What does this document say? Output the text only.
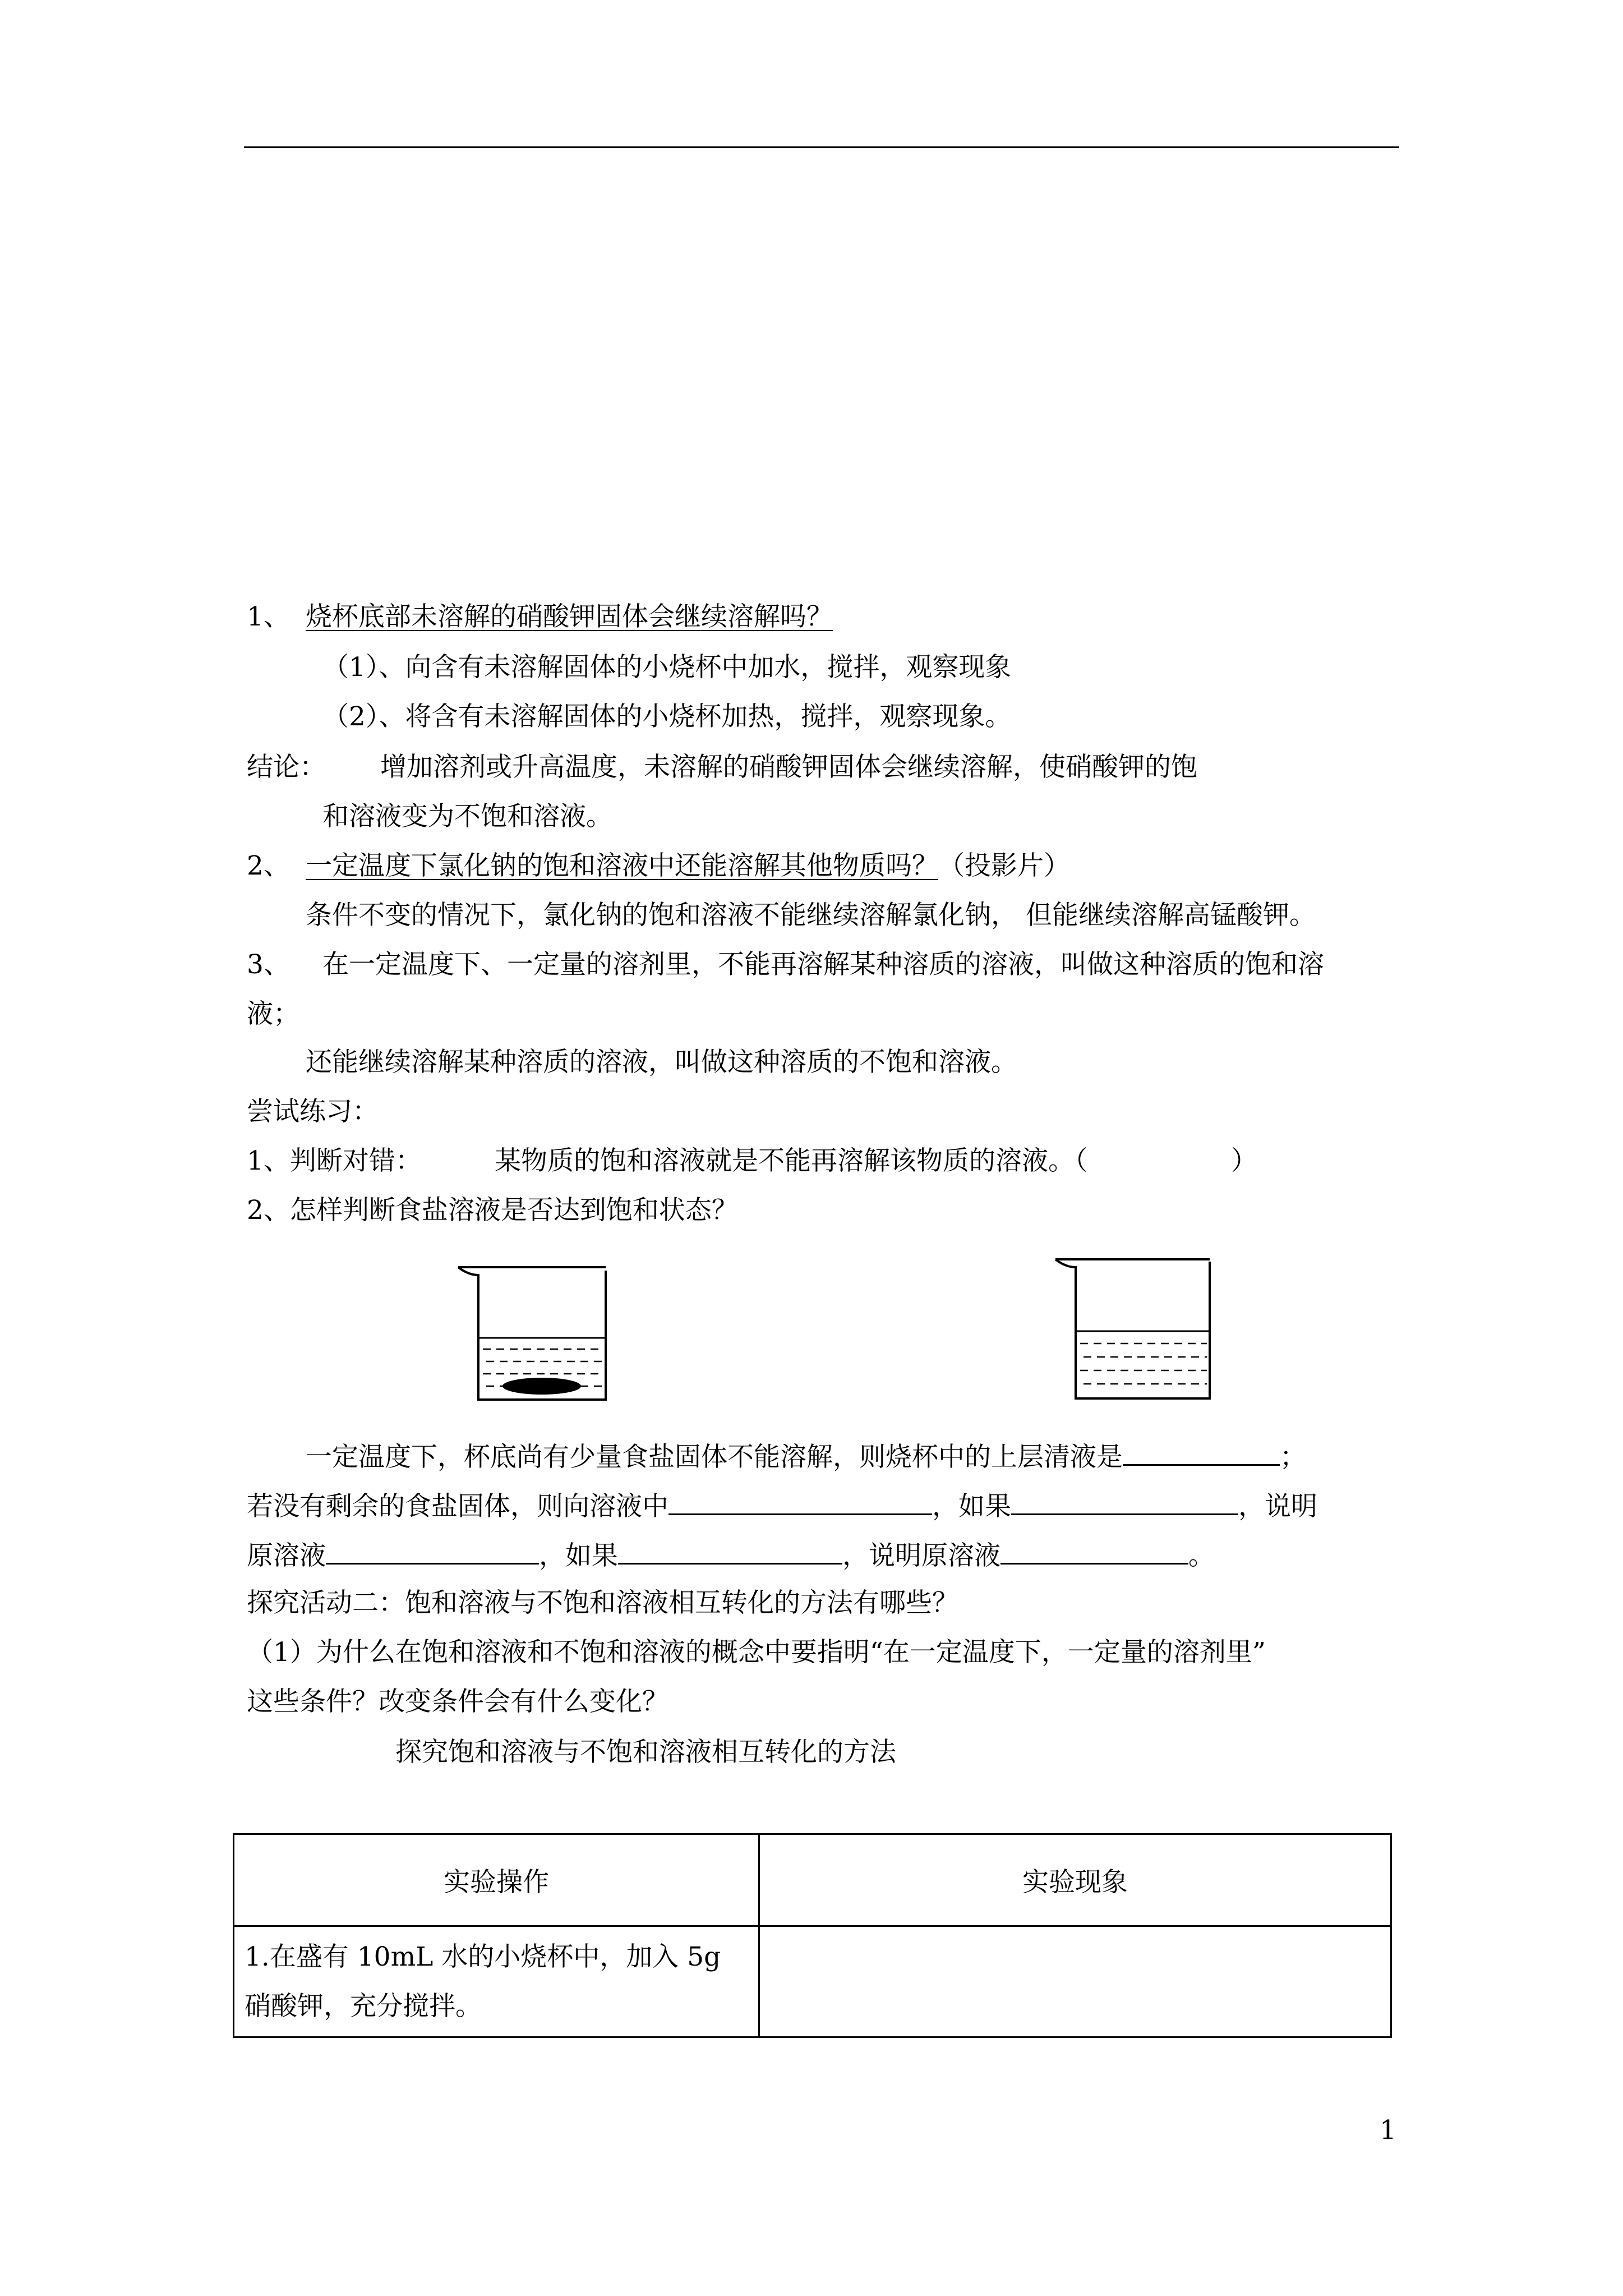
1、 烧杯底部未溶解的硝酸钾固体会继续溶解吗？
（1）、向含有未溶解固体的小烧杯中加水，搅拌，观察现象
（2）、将含有未溶解固体的小烧杯加热，搅拌，观察现象。
结论： 增加溶剂或升高温度，未溶解的硝酸钾固体会继续溶解，使硝酸钾的饱
和溶液变为不饱和溶液。
2、 一定温度下氯化钠的饱和溶液中还能溶解其他物质吗？（投影片）
条件不变的情况下，氯化钠的饱和溶液不能继续溶解氯化钠， 但能继续溶解高锰酸钾。
3、 在一定温度下、一定量的溶剂里，不能再溶解某种溶质的溶液，叫做这种溶质的饱和溶
液；
还能继续溶解某种溶质的溶液，叫做这种溶质的不饱和溶液。
尝试练习：
1、判断对错：	某物质的饱和溶液就是不能再溶解该物质的溶液。（	）
2、怎样判断食盐溶液是否达到饱和状态？
一定温度下，杯底尚有少量食盐固体不能溶解，则烧杯中的上层清液是	；
若没有剩余的食盐固体，则向溶液中	，如果	，说明
原溶液	，如果	，说明原溶液	。
探究活动二：饱和溶液与不饱和溶液相互转化的方法有哪些？
（1）为什么在饱和溶液和不饱和溶液的概念中要指明“在一定温度下，一定量的溶剂里”
这些条件？改变条件会有什么变化？
探究饱和溶液与不饱和溶液相互转化的方法
实验操作	实验现象

1.在盛有 10mL 水的小烧杯中，加入 5g
硝酸钾，充分搅拌。	

1
